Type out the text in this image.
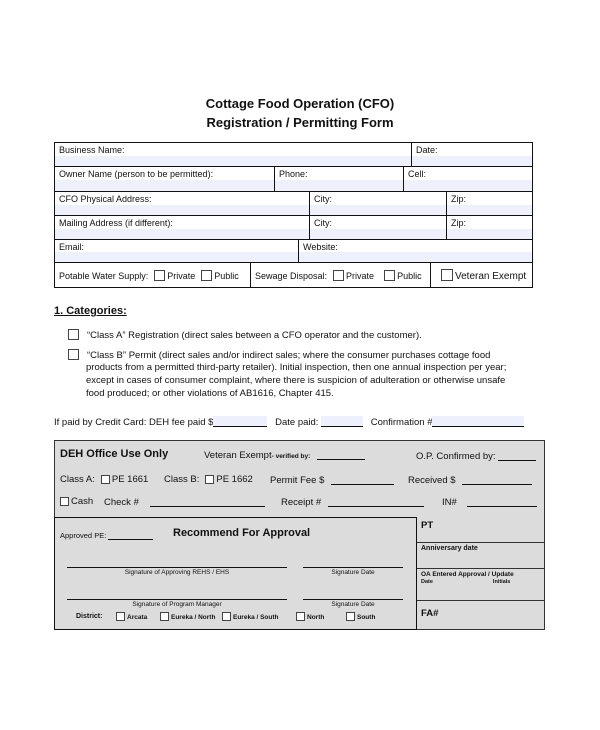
Cottage Food Operation (CFO)
Registration / Permitting Form
Business Name:	Date:
Owner Name (person to be permitted):	Phone:	Cell:
CFO Physical Address:	City:	Zip:
Mailing Address (if different):	City:	Zip:
Email:	Website:
Potable Water Supply: Private Public Sewage Disposal: Private	Public	Veteran Exempt
1. Categories:
“Class A” Registration (direct sales between a CFO operator and the customer).
“Class B” Permit (direct sales and/or indirect sales; where the consumer purchases cottage food
products from a permitted third-party retailer). Initial inspection, then one annual inspection per year;
except in cases of consumer complaint, where there is suspicion of adulteration or otherwise unsafe
food produced; or other violations of AB1616, Chapter 415.
If paid by Credit Card: DEH fee paid $	Date paid:	Confirmation #
DEH Office Use Only	Veteran Exempt- verified by:	O.P. Confirmed by:
Class A: PE 1661 Class B: PE 1662 Permit Fee $	Received $
Cash Check #	Receipt #	IN#
Approved PE:	Recommend For Approval
Signature of Approving REHS / EHS	Signature Date
Signature of Program Manager	Signature Date
District:	Arcata	Eureka / North	Eureka / South	North	South
PT
Anniversary date
OA Entered Approval / Update
Date	Initials
FA#
